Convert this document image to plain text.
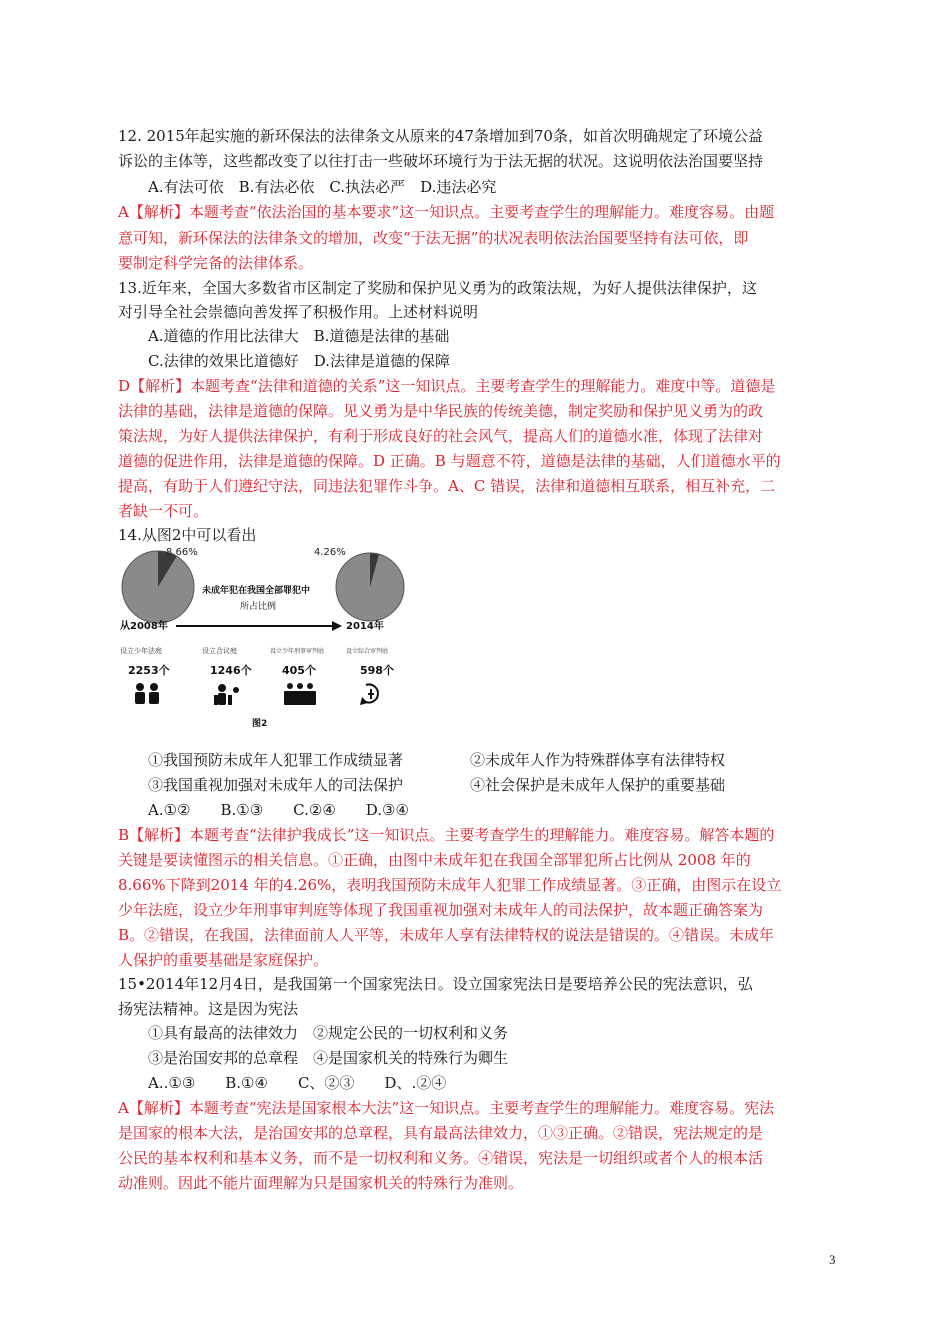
12. 2015年起实施的新环保法的法律条文从原来的47条增加到70条，如首次明确规定了环境公益
诉讼的主体等，这些都改变了以往打击一些破坏环境行为于法无据的状况。这说明依法治国要坚持
A.有法可依　B.有法必依　C.执法必严　D.违法必究
A【解析】本题考查“依法治国的基本要求”这一知识点。主要考查学生的理解能力。难度容易。由题
意可知，新环保法的法律条文的增加，改变“于法无据”的状况表明依法治国要坚持有法可依，即
要制定科学完备的法律体系。
13.近年来，全国大多数省市区制定了奖励和保护见义勇为的政策法规，为好人提供法律保护，这
对引导全社会崇德向善发挥了积极作用。上述材料说明
A.道德的作用比法律大　B.道德是法律的基础
C.法律的效果比道德好　D.法律是道德的保障
D【解析】本题考查“法律和道德的关系”这一知识点。主要考查学生的理解能力。难度中等。道德是
法律的基础，法律是道德的保障。见义勇为是中华民族的传统美德，制定奖励和保护见义勇为的政
策法规，为好人提供法律保护，有利于形成良好的社会风气，提高人们的道德水准，体现了法律对
道德的促进作用，法律是道德的保障。D 正确。B 与题意不符，道德是法律的基础，人们道德水平的
提高，有助于人们遵纪守法，同违法犯罪作斗争。A、C 错误，法律和道德相互联系，相互补充，二
者缺一不可。
14.从图2中可以看出
8.66%	4.26%
未成年犯在我国全部罪犯中
所占比例
从2008年	2014年
设立少年法庭	设立合议庭	设立少年刑事审判庭	设立综合审判庭
2253个	1246个	405个	598个
图2
①我国预防未成年人犯罪工作成绩显著	②未成年人作为特殊群体享有法律特权
③我国重视加强对未成年人的司法保护	④社会保护是未成年人保护的重要基础
A.①②　　B.①③　　C.②④　　D.③④
B【解析】本题考查“法律护我成长”这一知识点。主要考查学生的理解能力。难度容易。解答本题的
关键是要读懂图示的相关信息。①正确，由图中未成年犯在我国全部罪犯所占比例从 2008 年的
8.66%下降到2014 年的4.26%，表明我国预防未成年人犯罪工作成绩显著。③正确，由图示在设立
少年法庭，设立少年刑事审判庭等体现了我国重视加强对未成年人的司法保护，故本题正确答案为
B。②错误，在我国，法律面前人人平等，未成年人享有法律特权的说法是错误的。④错误。未成年
人保护的重要基础是家庭保护。
15•2014年12月4日，是我国第一个国家宪法日。设立国家宪法日是要培养公民的宪法意识，弘
扬宪法精神。这是因为宪法
①具有最高的法律效力　②规定公民的一切权利和义务
③是治国安邦的总章程　④是国家机关的特殊行为卿生
A..①③　　B.①④　　C、②③　　D、.②④
A【解析】本题考查“宪法是国家根本大法”这一知识点。主要考查学生的理解能力。难度容易。宪法
是国家的根本大法，是治国安邦的总章程，具有最高法律效力，①③正确。②错误，宪法规定的是
公民的基本权利和基本义务，而不是一切权利和义务。④错误，宪法是一切组织或者个人的根本活
动准则。因此不能片面理解为只是国家机关的特殊行为准则。
3
